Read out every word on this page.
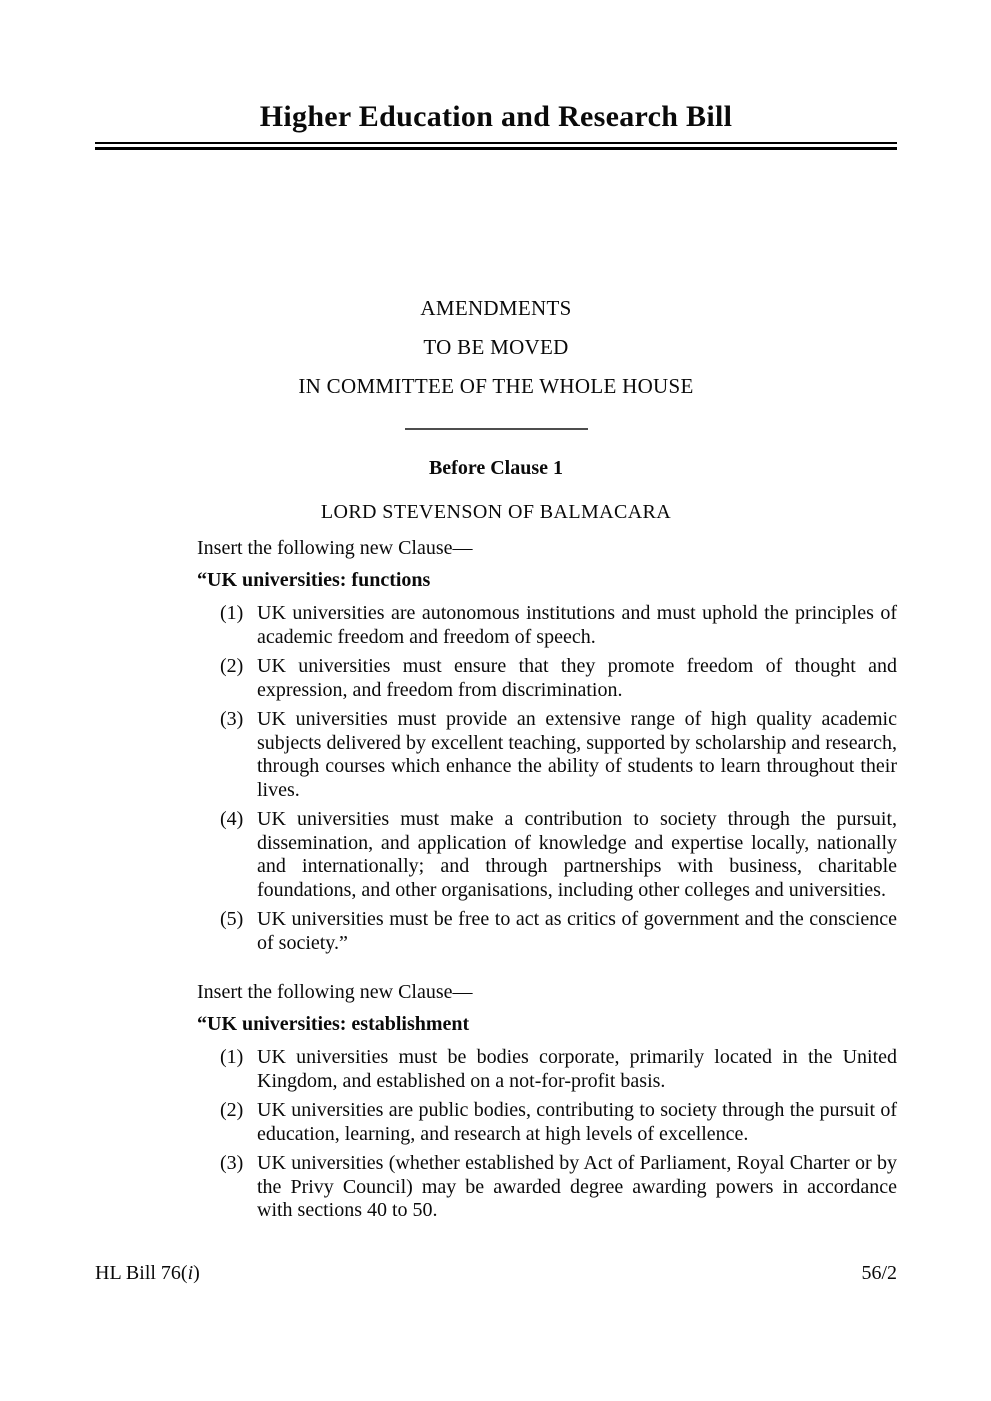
Higher Education and Research Bill

AMENDMENTS

TO BE MOVED

IN COMMITTEE OF THE WHOLE HOUSE

Before Clause 1

LORD STEVENSON OF BALMACARA

Insert the following new Clause—

“UK universities: functions

(1) UK universities are autonomous institutions and must uphold the principles of academic freedom and freedom of speech.
(2) UK universities must ensure that they promote freedom of thought and expression, and freedom from discrimination.
(3) UK universities must provide an extensive range of high quality academic subjects delivered by excellent teaching, supported by scholarship and research, through courses which enhance the ability of students to learn throughout their lives.
(4) UK universities must make a contribution to society through the pursuit, dissemination, and application of knowledge and expertise locally, nationally and internationally; and through partnerships with business, charitable foundations, and other organisations, including other colleges and universities.
(5) UK universities must be free to act as critics of government and the conscience of society.”

Insert the following new Clause—

“UK universities: establishment

(1) UK universities must be bodies corporate, primarily located in the United Kingdom, and established on a not-for-profit basis.
(2) UK universities are public bodies, contributing to society through the pursuit of education, learning, and research at high levels of excellence.
(3) UK universities (whether established by Act of Parliament, Royal Charter or by the Privy Council) may be awarded degree awarding powers in accordance with sections 40 to 50.
HL Bill 76(i)	56/2
